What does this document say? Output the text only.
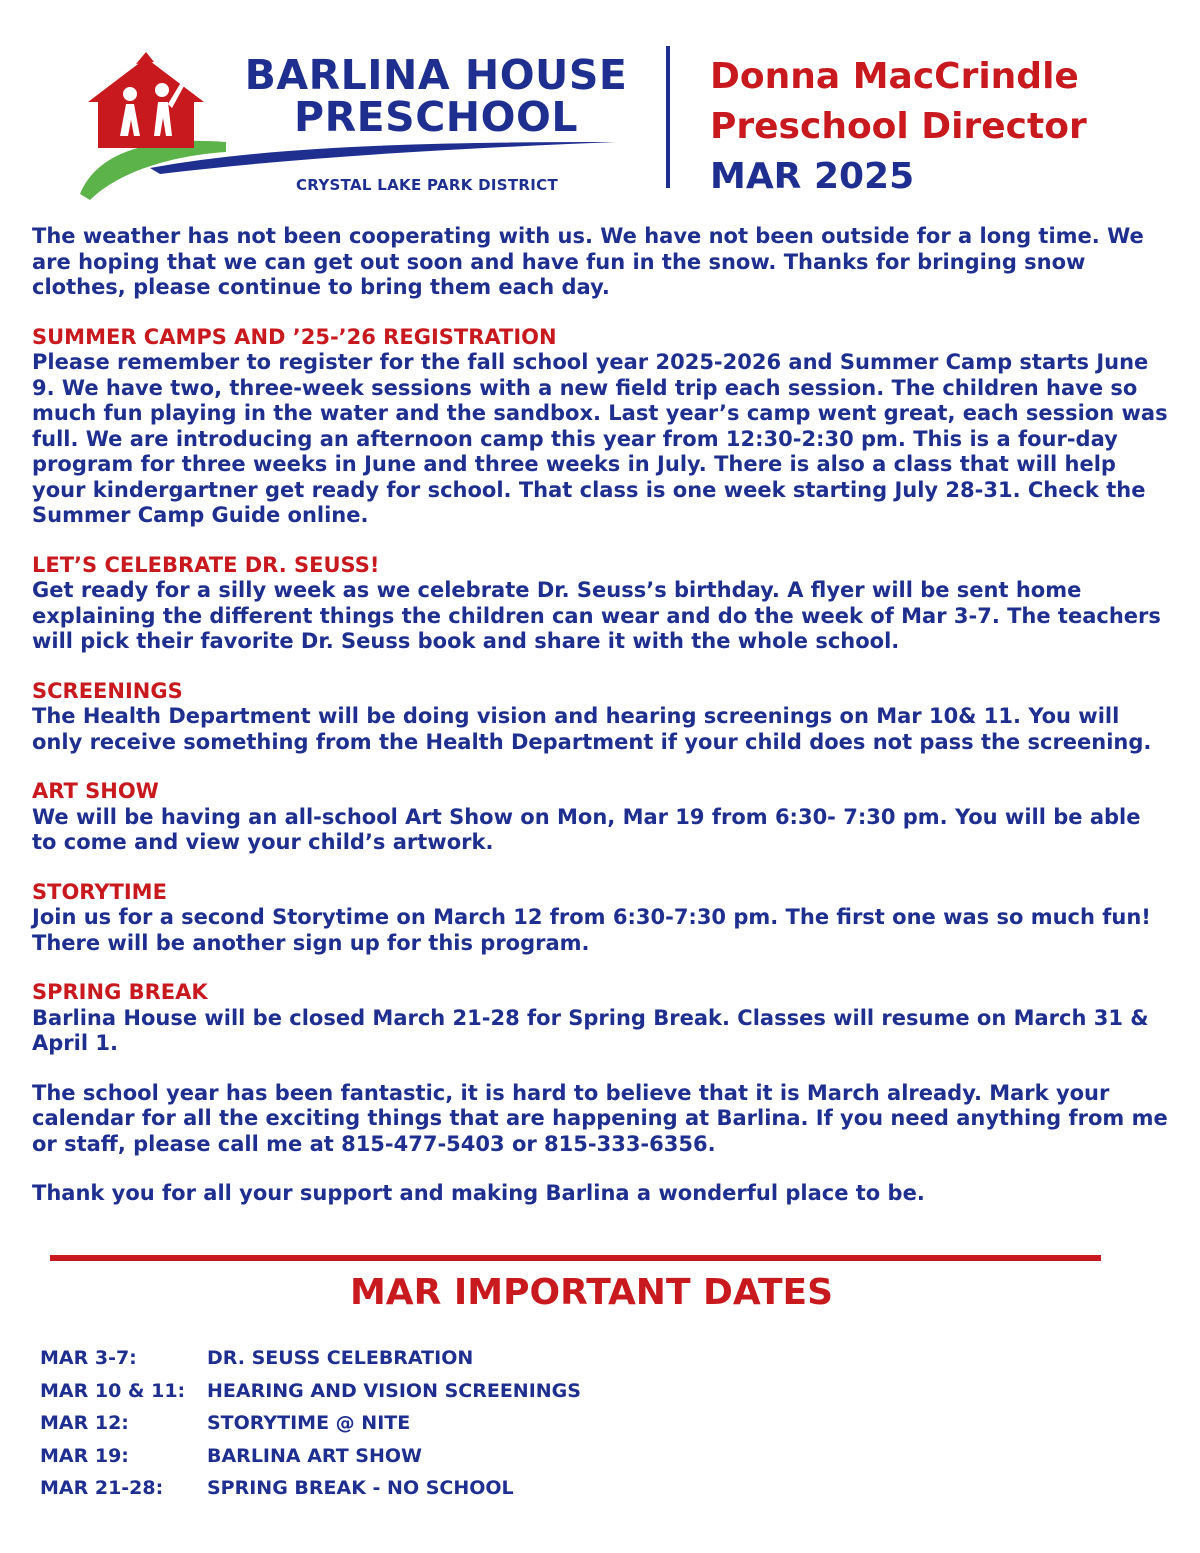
BARLINA HOUSE
PRESCHOOL
CRYSTAL LAKE PARK DISTRICT
Donna MacCrindle
Preschool Director
MAR 2025

The weather has not been cooperating with us. We have not been outside for a long time. We are hoping that we can get out soon and have fun in the snow. Thanks for bringing snow clothes, please continue to bring them each day.

SUMMER CAMPS AND ’25-’26 REGISTRATION
Please remember to register for the fall school year 2025-2026 and Summer Camp starts June 9. We have two, three-week sessions with a new field trip each session. The children have so much fun playing in the water and the sandbox. Last year’s camp went great, each session was full. We are introducing an afternoon camp this year from 12:30-2:30 pm. This is a four-day program for three weeks in June and three weeks in July. There is also a class that will help your kindergartner get ready for school. That class is one week starting July 28-31. Check the Summer Camp Guide online.
LET’S CELEBRATE DR. SEUSS!
Get ready for a silly week as we celebrate Dr. Seuss’s birthday. A flyer will be sent home explaining the different things the children can wear and do the week of Mar 3-7. The teachers will pick their favorite Dr. Seuss book and share it with the whole school.
SCREENINGS
The Health Department will be doing vision and hearing screenings on Mar 10& 11. You will only receive something from the Health Department if your child does not pass the screening.
ART SHOW
We will be having an all-school Art Show on Mon, Mar 19 from 6:30- 7:30 pm. You will be able to come and view your child’s artwork.
STORYTIME
Join us for a second Storytime on March 12 from 6:30-7:30 pm. The first one was so much fun! There will be another sign up for this program.
SPRING BREAK
Barlina House will be closed March 21-28 for Spring Break. Classes will resume on March 31 & April 1.

The school year has been fantastic, it is hard to believe that it is March already. Mark your calendar for all the exciting things that are happening at Barlina. If you need anything from me or staff, please call me at 815-477-5403 or 815-333-6356.

Thank you for all your support and making Barlina a wonderful place to be.

MAR IMPORTANT DATES
MAR 3-7:	DR. SEUSS CELEBRATION
MAR 10 & 11:	HEARING AND VISION SCREENINGS
MAR 12:	STORYTIME @ NITE
MAR 19:	BARLINA ART SHOW
MAR 21-28:	SPRING BREAK - NO SCHOOL
